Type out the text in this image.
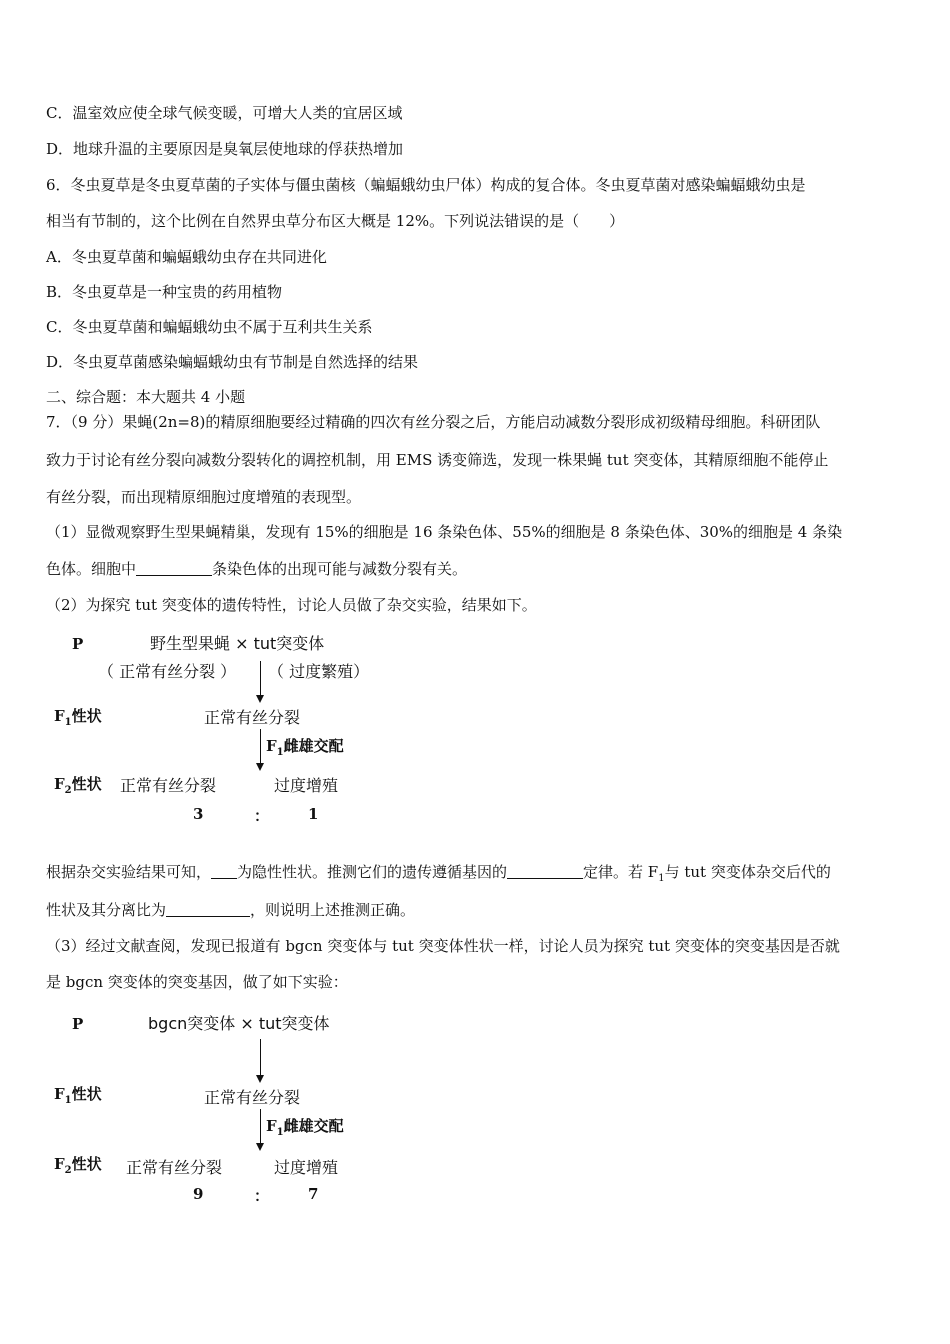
C．温室效应使全球气候变暖，可增大人类的宜居区域
D．地球升温的主要原因是臭氧层使地球的俘获热增加
6．冬虫夏草是冬虫夏草菌的子实体与僵虫菌核（蝙蝠蛾幼虫尸体）构成的复合体。冬虫夏草菌对感染蝙蝠蛾幼虫是
相当有节制的，这个比例在自然界虫草分布区大概是 12%。下列说法错误的是（　　）
A．冬虫夏草菌和蝙蝠蛾幼虫存在共同进化
B．冬虫夏草是一种宝贵的药用植物
C．冬虫夏草菌和蝙蝠蛾幼虫不属于互利共生关系
D．冬虫夏草菌感染蝙蝠蛾幼虫有节制是自然选择的结果
二、综合题：本大题共 4 小题
7．（9 分）果蝇(2n=8)的精原细胞要经过精确的四次有丝分裂之后，方能启动减数分裂形成初级精母细胞。科研团队
致力于讨论有丝分裂向减数分裂转化的调控机制，用 EMS 诱变筛选，发现一株果蝇 tut 突变体，其精原细胞不能停止
有丝分裂，而出现精原细胞过度增殖的表现型。
（1）显微观察野生型果蝇精巢，发现有 15%的细胞是 16 条染色体、55%的细胞是 8 条染色体、30%的细胞是 4 条染
色体。细胞中	条染色体的出现可能与减数分裂有关。
（2）为探究 tut 突变体的遗传特性，讨论人员做了杂交实验，结果如下。
P	野生型果蝇 × tut突变体
（ 正常有丝分裂 ） （ 过度繁殖）
$F_1$性状	正常有丝分裂
$F_1$雌雄交配
$F_2$性状 正常有丝分裂	过度增殖
3	：	1
根据杂交实验结果可知， 为隐性性状。推测它们的遗传遵循基因的	定律。若 $F_1$与 tut 突变体杂交后代的
性状及其分离比为	，则说明上述推测正确。
（3）经过文献查阅，发现已报道有 bgcn 突变体与 tut 突变体性状一样，讨论人员为探究 tut 突变体的突变基因是否就
是 bgcn 突变体的突变基因，做了如下实验：
P	bgcn突变体 × tut突变体
$F_1$性状	正常有丝分裂
$F_1$雌雄交配
$F_2$性状 正常有丝分裂	过度增殖
9	：	7
